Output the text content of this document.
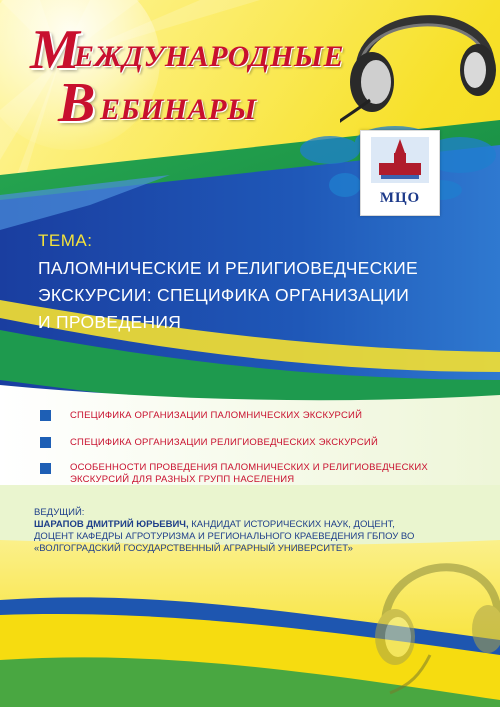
М
ЕЖДУНАРОДНЫЕ
В ЕБИНАРЫ
МЦО
ТЕМА:
ПАЛОМНИЧЕСКИЕ И РЕЛИГИОВЕДЧЕСКИЕ
ЭКСКУРСИИ: СПЕЦИФИКА ОРГАНИЗАЦИИ
И ПРОВЕДЕНИЯ
СПЕЦИФИКА ОРГАНИЗАЦИИ ПАЛОМНИЧЕСКИХ ЭКСКУРСИЙ
СПЕЦИФИКА ОРГАНИЗАЦИИ РЕЛИГИОВЕДЧЕСКИХ ЭКСКУРСИЙ
ОСОБЕННОСТИ ПРОВЕДЕНИЯ ПАЛОМНИЧЕСКИХ И РЕЛИГИОВЕДЧЕСКИХ
ЭКСКУРСИЙ ДЛЯ РАЗНЫХ ГРУПП НАСЕЛЕНИЯ
ВЕДУЩИЙ:
ШАРАПОВ ДМИТРИЙ ЮРЬЕВИЧ, КАНДИДАТ ИСТОРИЧЕСКИХ НАУК, ДОЦЕНТ,
ДОЦЕНТ КАФЕДРЫ АГРОТУРИЗМА И РЕГИОНАЛЬНОГО КРАЕВЕДЕНИЯ ГБПОУ ВО
«ВОЛГОГРАДСКИЙ ГОСУДАРСТВЕННЫЙ АГРАРНЫЙ УНИВЕРСИТЕТ»
